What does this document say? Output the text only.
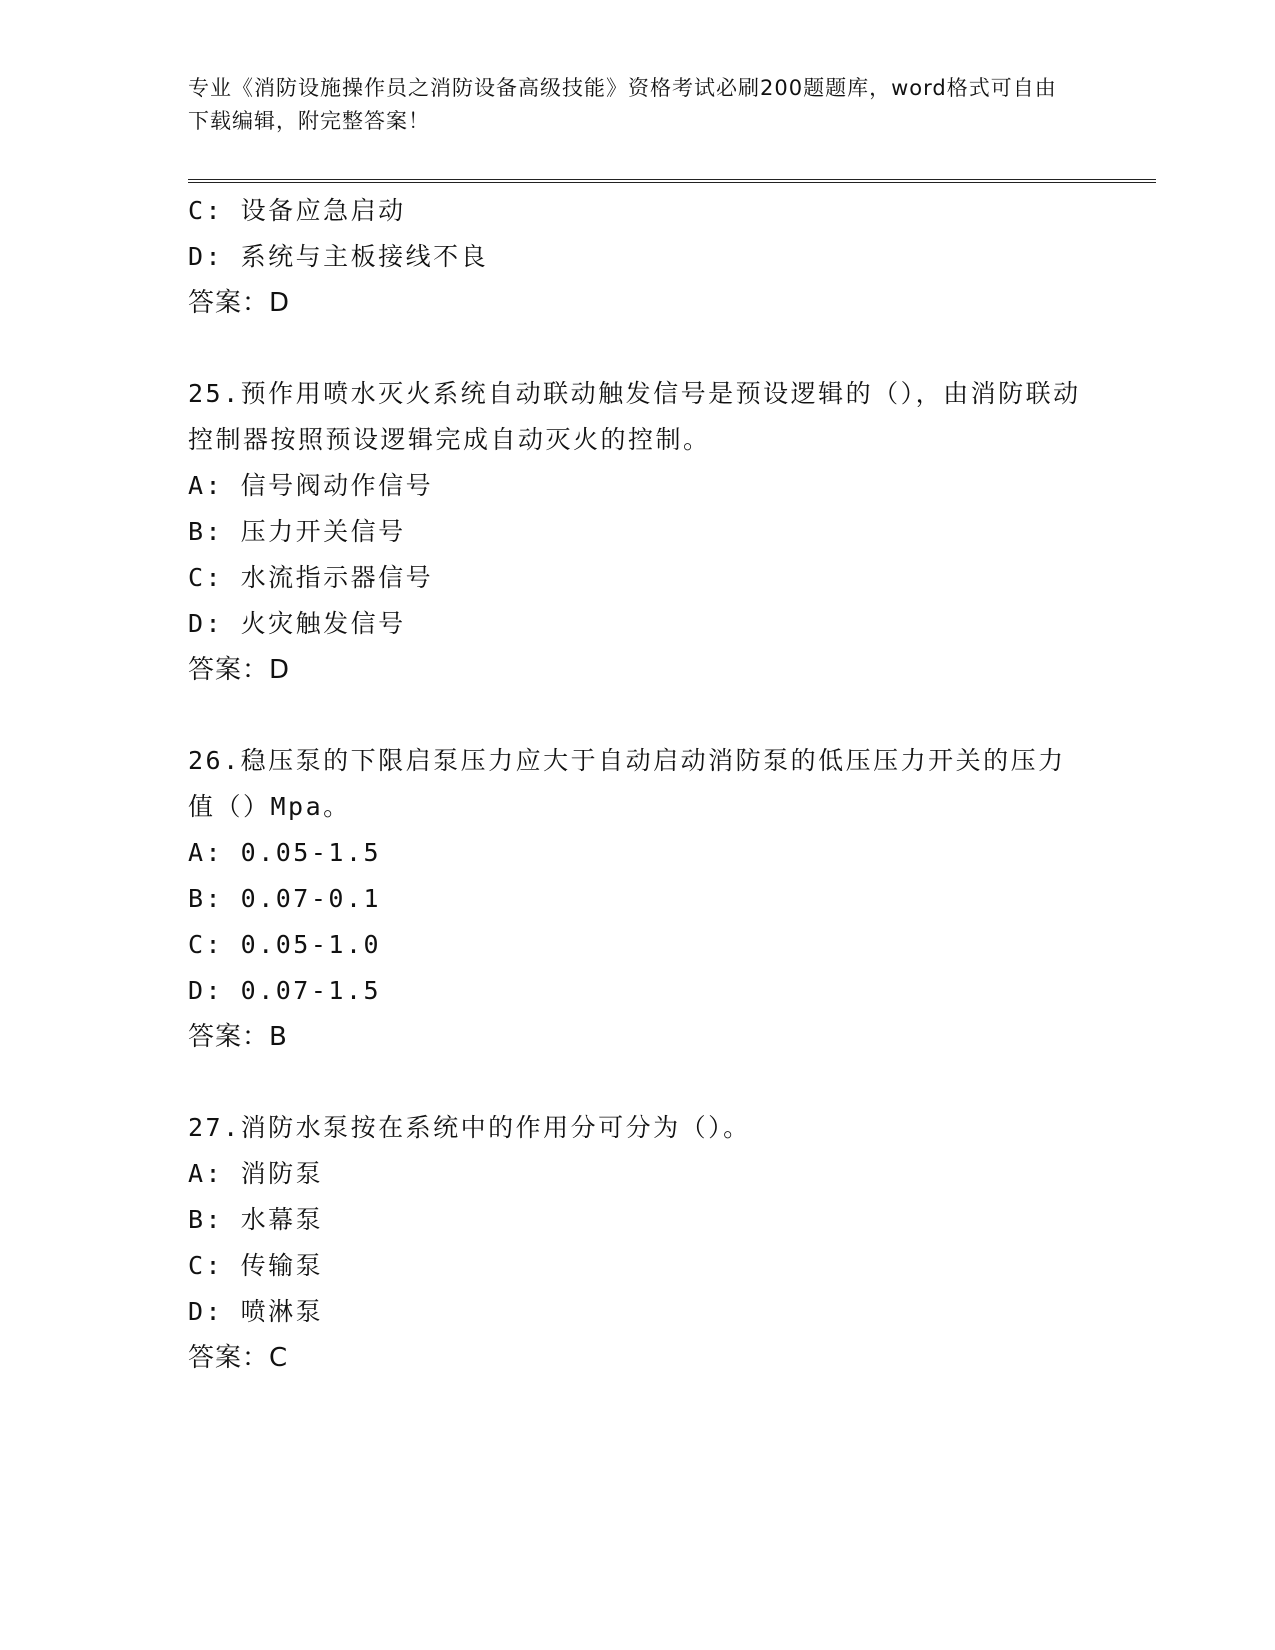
专业《消防设施操作员之消防设备高级技能》资格考试必刷200题题库，word格式可自由下载编辑，附完整答案！
C: 设备应急启动
D: 系统与主板接线不良
答案：D
25.预作用喷水灭火系统自动联动触发信号是预设逻辑的（），由消防联动控制器按照预设逻辑完成自动灭火的控制。
A: 信号阀动作信号
B: 压力开关信号
C: 水流指示器信号
D: 火灾触发信号
答案：D
26.稳压泵的下限启泵压力应大于自动启动消防泵的低压压力开关的压力值（）Mpa。
A: 0.05-1.5
B: 0.07-0.1
C: 0.05-1.0
D: 0.07-1.5
答案：B
27.消防水泵按在系统中的作用分可分为（）。
A: 消防泵
B: 水幕泵
C: 传输泵
D: 喷淋泵
答案：C
